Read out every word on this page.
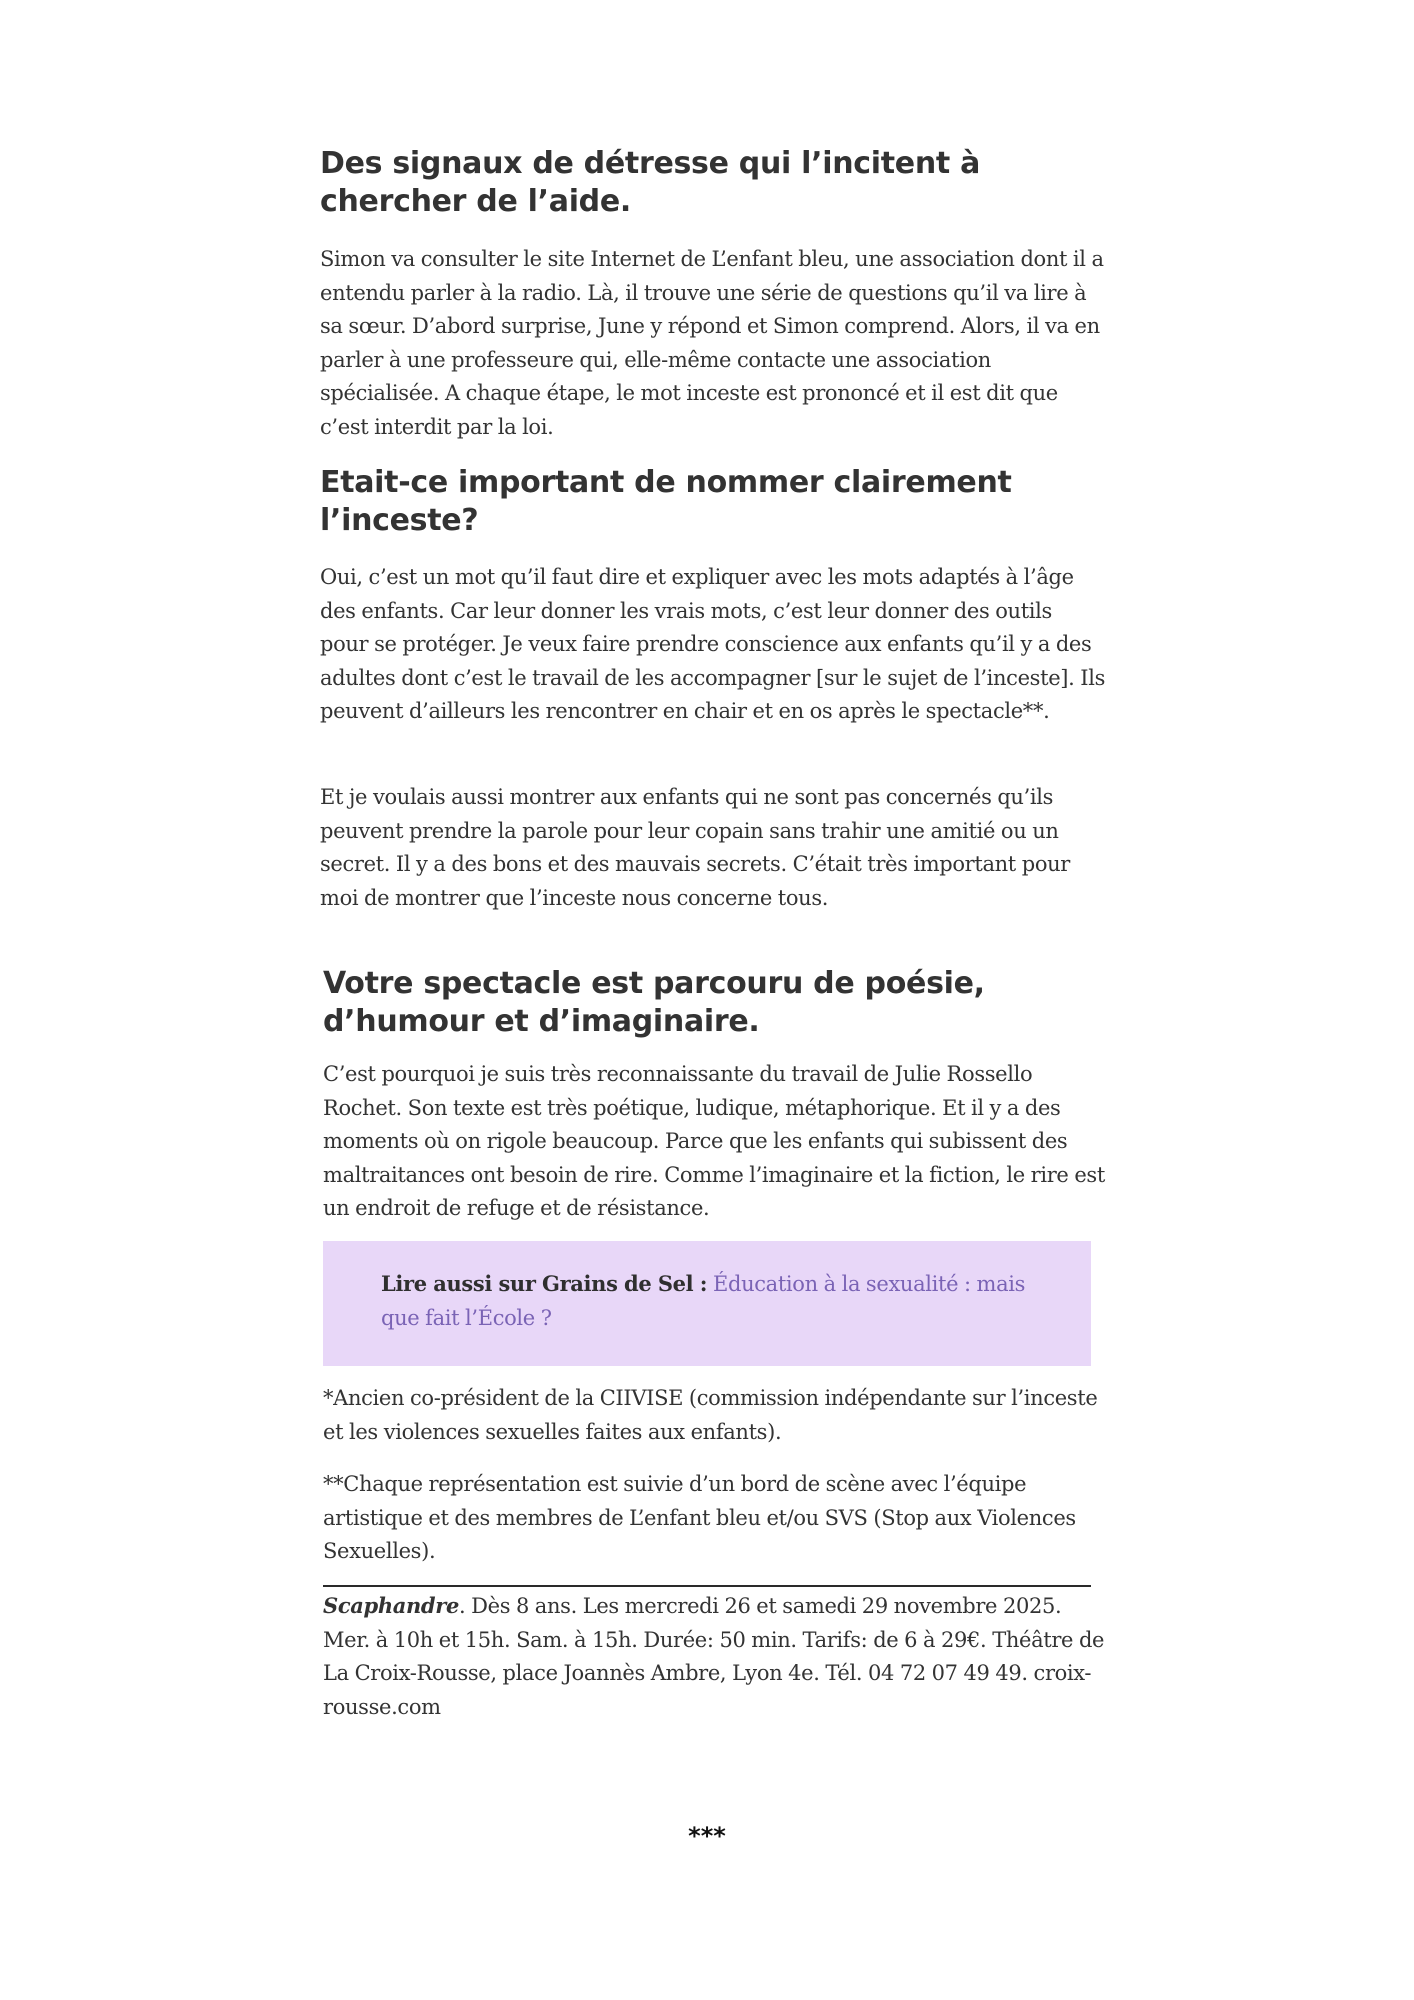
Des signaux de détresse qui l’incitent à chercher de l’aide.

Simon va consulter le site Internet de L’enfant bleu, une association dont il a entendu parler à la radio. Là, il trouve une série de questions qu’il va lire à sa sœur. D’abord surprise, June y répond et Simon comprend. Alors, il va en parler à une professeure qui, elle-même contacte une association spécialisée. A chaque étape, le mot inceste est prononcé et il est dit que c’est interdit par la loi.

Etait-ce important de nommer clairement l’inceste?

Oui, c’est un mot qu’il faut dire et expliquer avec les mots adaptés à l’âge des enfants. Car leur donner les vrais mots, c’est leur donner des outils pour se protéger. Je veux faire prendre conscience aux enfants qu’il y a des adultes dont c’est le travail de les accompagner [sur le sujet de l’inceste]. Ils peuvent d’ailleurs les rencontrer en chair et en os après le spectacle**.

Et je voulais aussi montrer aux enfants qui ne sont pas concernés qu’ils peuvent prendre la parole pour leur copain sans trahir une amitié ou un secret. Il y a des bons et des mauvais secrets. C’était très important pour moi de montrer que l’inceste nous concerne tous.

Votre spectacle est parcouru de poésie, d’humour et d’imaginaire.

C’est pourquoi je suis très reconnaissante du travail de Julie Rossello Rochet. Son texte est très poétique, ludique, métaphorique. Et il y a des moments où on rigole beaucoup. Parce que les enfants qui subissent des maltraitances ont besoin de rire. Comme l’imaginaire et la fiction, le rire est un endroit de refuge et de résistance.

Lire aussi sur Grains de Sel : Éducation à la sexualité : mais que fait l’École ?

*Ancien co-président de la CIIVISE (commission indépendante sur l’inceste et les violences sexuelles faites aux enfants).

**Chaque représentation est suivie d’un bord de scène avec l’équipe artistique et des membres de L’enfant bleu et/ou SVS (Stop aux Violences Sexuelles).

Scaphandre. Dès 8 ans. Les mercredi 26 et samedi 29 novembre 2025. Mer. à 10h et 15h. Sam. à 15h. Durée: 50 min. Tarifs: de 6 à 29€. Théâtre de La Croix-Rousse, place Joannès Ambre, Lyon 4e. Tél. 04 72 07 49 49. croix-rousse.com

***
